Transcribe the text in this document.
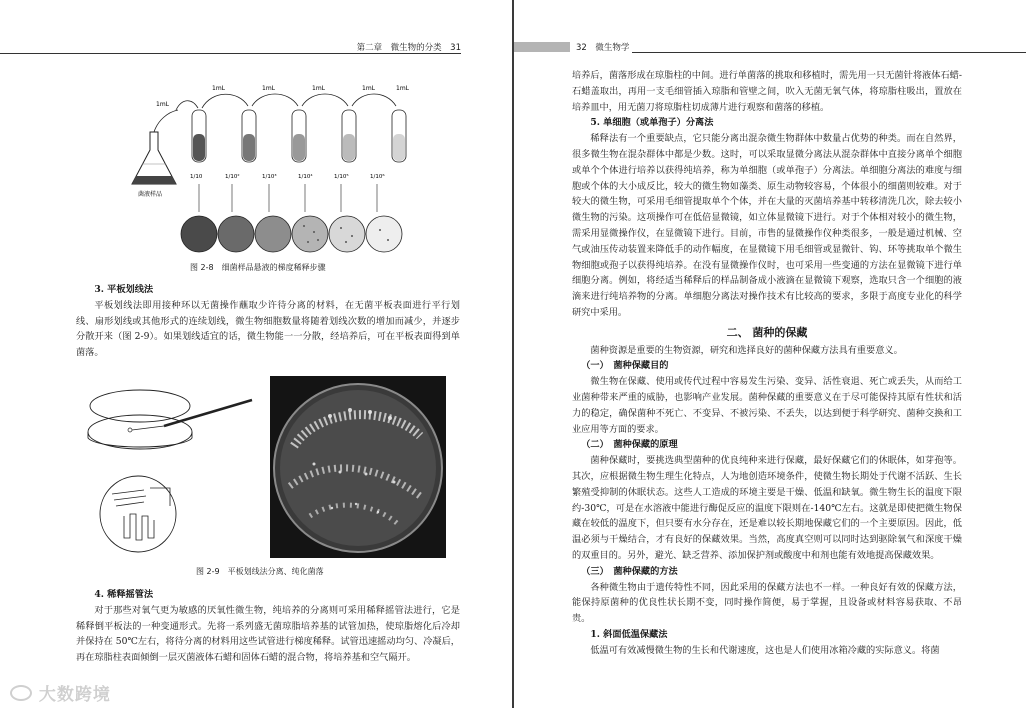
第二章　微生物的分类　31
1mL
菌液样品
1mL	1mL	1mL	1mL	1mL
1/10	1/10²	1/10³	1/10⁴	1/10⁵	1/10⁶
图 2-8　细菌样品悬液的梯度稀释步骤
3. 平板划线法
平板划线法即用接种环以无菌操作蘸取少许待分离的材料，在无菌平板表面进行平行划线、扇形划线或其他形式的连续划线，微生物细胞数量将随着划线次数的增加而减少，并逐步分散开来（图 2-9）。如果划线适宜的话，微生物能一一分散，经培养后，可在平板表面得到单菌落。
图 2-9　平板划线法分离、纯化菌落
4. 稀释摇管法
对于那些对氧气更为敏感的厌氧性微生物，纯培养的分离则可采用稀释摇管法进行，它是稀释倒平板法的一种变通形式。先将一系列盛无菌琼脂培养基的试管加热，使琼脂熔化后冷却并保持在 50℃左右，将待分离的材料用这些试管进行梯度稀释。试管迅速摇动均匀、冷凝后，再在琼脂柱表面倾倒一层灭菌液体石蜡和固体石蜡的混合物，将培养基和空气隔开。
32　微生物学
培养后，菌落形成在琼脂柱的中间。进行单菌落的挑取和移植时，需先用一只无菌针将液体石蜡-石蜡盖取出，再用一支毛细管插入琼脂和管壁之间，吹入无菌无氧气体，将琼脂柱吸出，置放在培养皿中，用无菌刀将琼脂柱切成薄片进行观察和菌落的移植。
5. 单细胞（或单孢子）分离法
稀释法有一个重要缺点，它只能分离出混杂微生物群体中数量占优势的种类。而在自然界，很多微生物在混杂群体中都是少数。这时，可以采取显微分离法从混杂群体中直接分离单个细胞或单个个体进行培养以获得纯培养，称为单细胞（或单孢子）分离法。单细胞分离法的难度与细胞或个体的大小成反比，较大的微生物如藻类、原生动物较容易，个体很小的细菌则较难。对于较大的微生物，可采用毛细管提取单个个体，并在大量的灭菌培养基中转移清洗几次，除去较小微生物的污染。这项操作可在低倍显微镜，如立体显微镜下进行。对于个体相对较小的微生物，需采用显微操作仪，在显微镜下进行。目前，市售的显微操作仪种类很多，一般是通过机械、空气或油压传动装置来降低手的动作幅度，在显微镜下用毛细管或显微针、钩、环等挑取单个微生物细胞或孢子以获得纯培养。在没有显微操作仪时，也可采用一些变通的方法在显微镜下进行单细胞分离。例如，将经适当稀释后的样品制备成小液滴在显微镜下观察，选取只含一个细胞的液滴来进行纯培养物的分离。单细胞分离法对操作技术有比较高的要求，多限于高度专业化的科学研究中采用。
二、 菌种的保藏
菌种资源是重要的生物资源，研究和选择良好的菌种保藏方法具有重要意义。
（一）　菌种保藏目的
微生物在保藏、使用或传代过程中容易发生污染、变异、活性衰退、死亡或丢失，从而给工业菌种带来严重的威胁，也影响产业发展。菌种保藏的重要意义在于尽可能保持其原有性状和活力的稳定，确保菌种不死亡、不变异、不被污染、不丢失，以达到便于科学研究、菌种交换和工业应用等方面的要求。
（二）　菌种保藏的原理
菌种保藏时，要挑选典型菌种的优良纯种来进行保藏，最好保藏它们的休眠体，如芽孢等。其次，应根据微生物生理生化特点，人为地创造环境条件，使微生物长期处于代谢不活跃、生长繁殖受抑制的休眠状态。这些人工造成的环境主要是干燥、低温和缺氧。微生物生长的温度下限约-30℃，可是在水溶液中能进行酶促反应的温度下限则在-140℃左右。这就是即使把微生物保藏在较低的温度下，但只要有水分存在，还是难以较长期地保藏它们的一个主要原因。因此，低温必须与干燥结合，才有良好的保藏效果。当然，高度真空则可以同时达到驱除氧气和深度干燥的双重目的。另外，避光、缺乏营养、添加保护剂或酸度中和剂也能有效地提高保藏效果。
（三）　菌种保藏的方法
各种微生物由于遗传特性不同，因此采用的保藏方法也不一样。一种良好有效的保藏方法，能保持原菌种的优良性状长期不变，同时操作简便，易于掌握，且设备或材料容易获取、不昂贵。
1. 斜面低温保藏法
低温可有效减慢微生物的生长和代谢速度，这也是人们使用冰箱冷藏的实际意义。将菌
大数跨境
